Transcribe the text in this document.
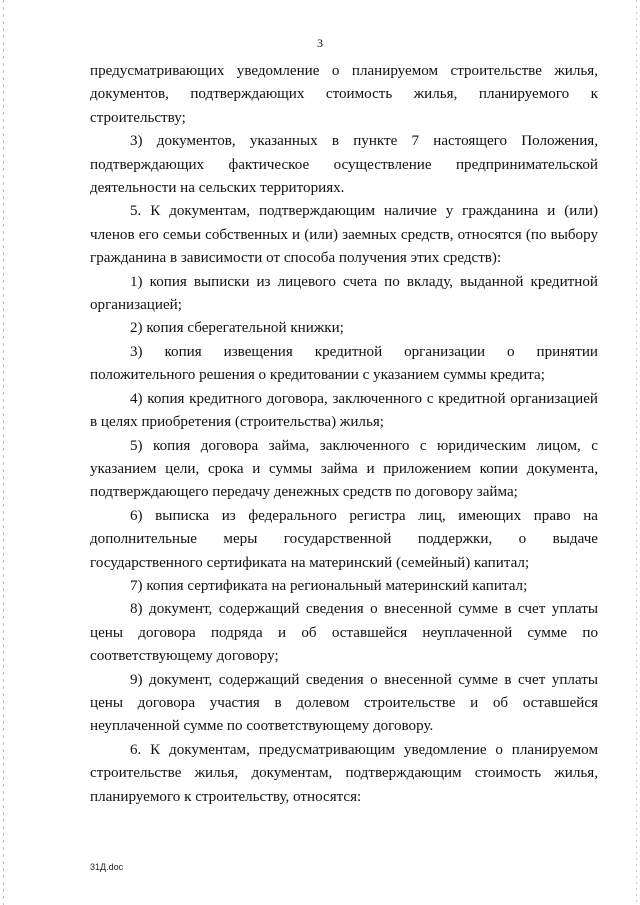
3

предусматривающих уведомление о планируемом строительстве жилья, документов, подтверждающих стоимость жилья, планируемого к строительству;

3) документов, указанных в пункте 7 настоящего Положения, подтверждающих фактическое осуществление предпринимательской деятельности на сельских территориях.

5. К документам, подтверждающим наличие у гражданина и (или) членов его семьи собственных и (или) заемных средств, относятся (по выбору гражданина в зависимости от способа получения этих средств):

1) копия выписки из лицевого счета по вкладу, выданной кредитной организацией;

2) копия сберегательной книжки;

3) копия извещения кредитной организации о принятии положительного решения о кредитовании с указанием суммы кредита;

4) копия кредитного договора, заключенного с кредитной организацией в целях приобретения (строительства) жилья;

5) копия договора займа, заключенного с юридическим лицом, с указанием цели, срока и суммы займа и приложением копии документа, подтверждающего передачу денежных средств по договору займа;

6) выписка из федерального регистра лиц, имеющих право на дополнительные меры государственной поддержки, о выдаче государственного сертификата на материнский (семейный) капитал;

7) копия сертификата на региональный материнский капитал;

8) документ, содержащий сведения о внесенной сумме в счет уплаты цены договора подряда и об оставшейся неуплаченной сумме по соответствующему договору;

9) документ, содержащий сведения о внесенной сумме в счет уплаты цены договора участия в долевом строительстве и об оставшейся неуплаченной сумме по соответствующему договору.

6. К документам, предусматривающим уведомление о планируемом строительстве жилья, документам, подтверждающим стоимость жилья, планируемого к строительству, относятся:

31Д.doc
